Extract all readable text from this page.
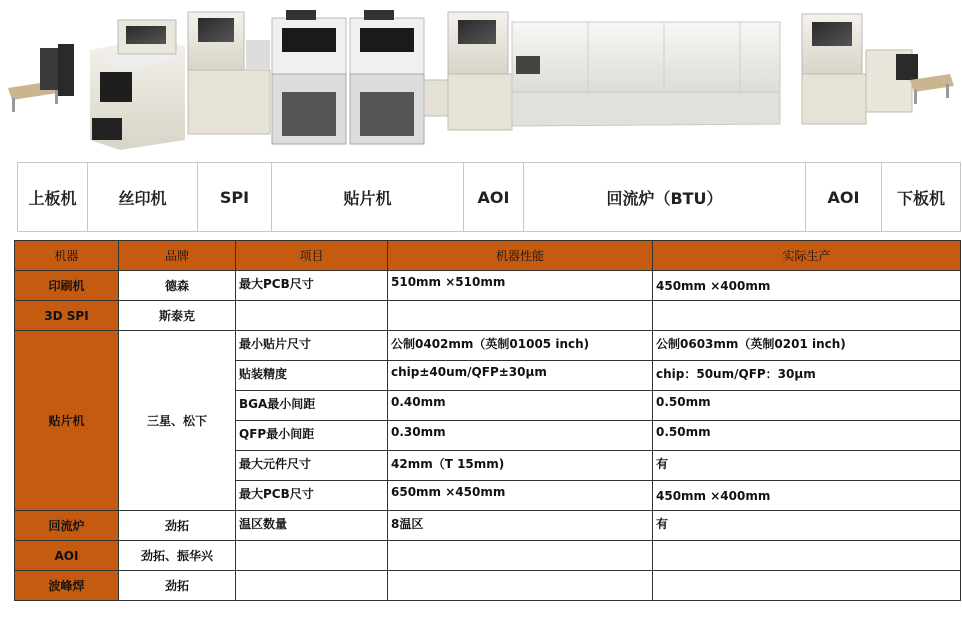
上板机	丝印机	SPI	贴片机	AOI	回流炉（BTU）	AOI	下板机
机器	品牌	项目	机器性能	实际生产
印刷机	德森	最大PCB尺寸	510mm ×510mm	450mm ×400mm
3D SPI	斯泰克			
贴片机	三星、松下	最小贴片尺寸	公制0402mm（英制01005 inch)	公制0603mm（英制0201 inch)
		贴装精度	chip±40um/QFP±30μm	chip：50um/QFP：30μm
		BGA最小间距	0.40mm	0.50mm
		QFP最小间距	0.30mm	0.50mm
		最大元件尺寸	42mm（T 15mm)	有
		最大PCB尺寸	650mm ×450mm	450mm ×400mm
回流炉	劲拓	温区数量	8温区	有
AOI	劲拓、振华兴			
波峰焊	劲拓			
